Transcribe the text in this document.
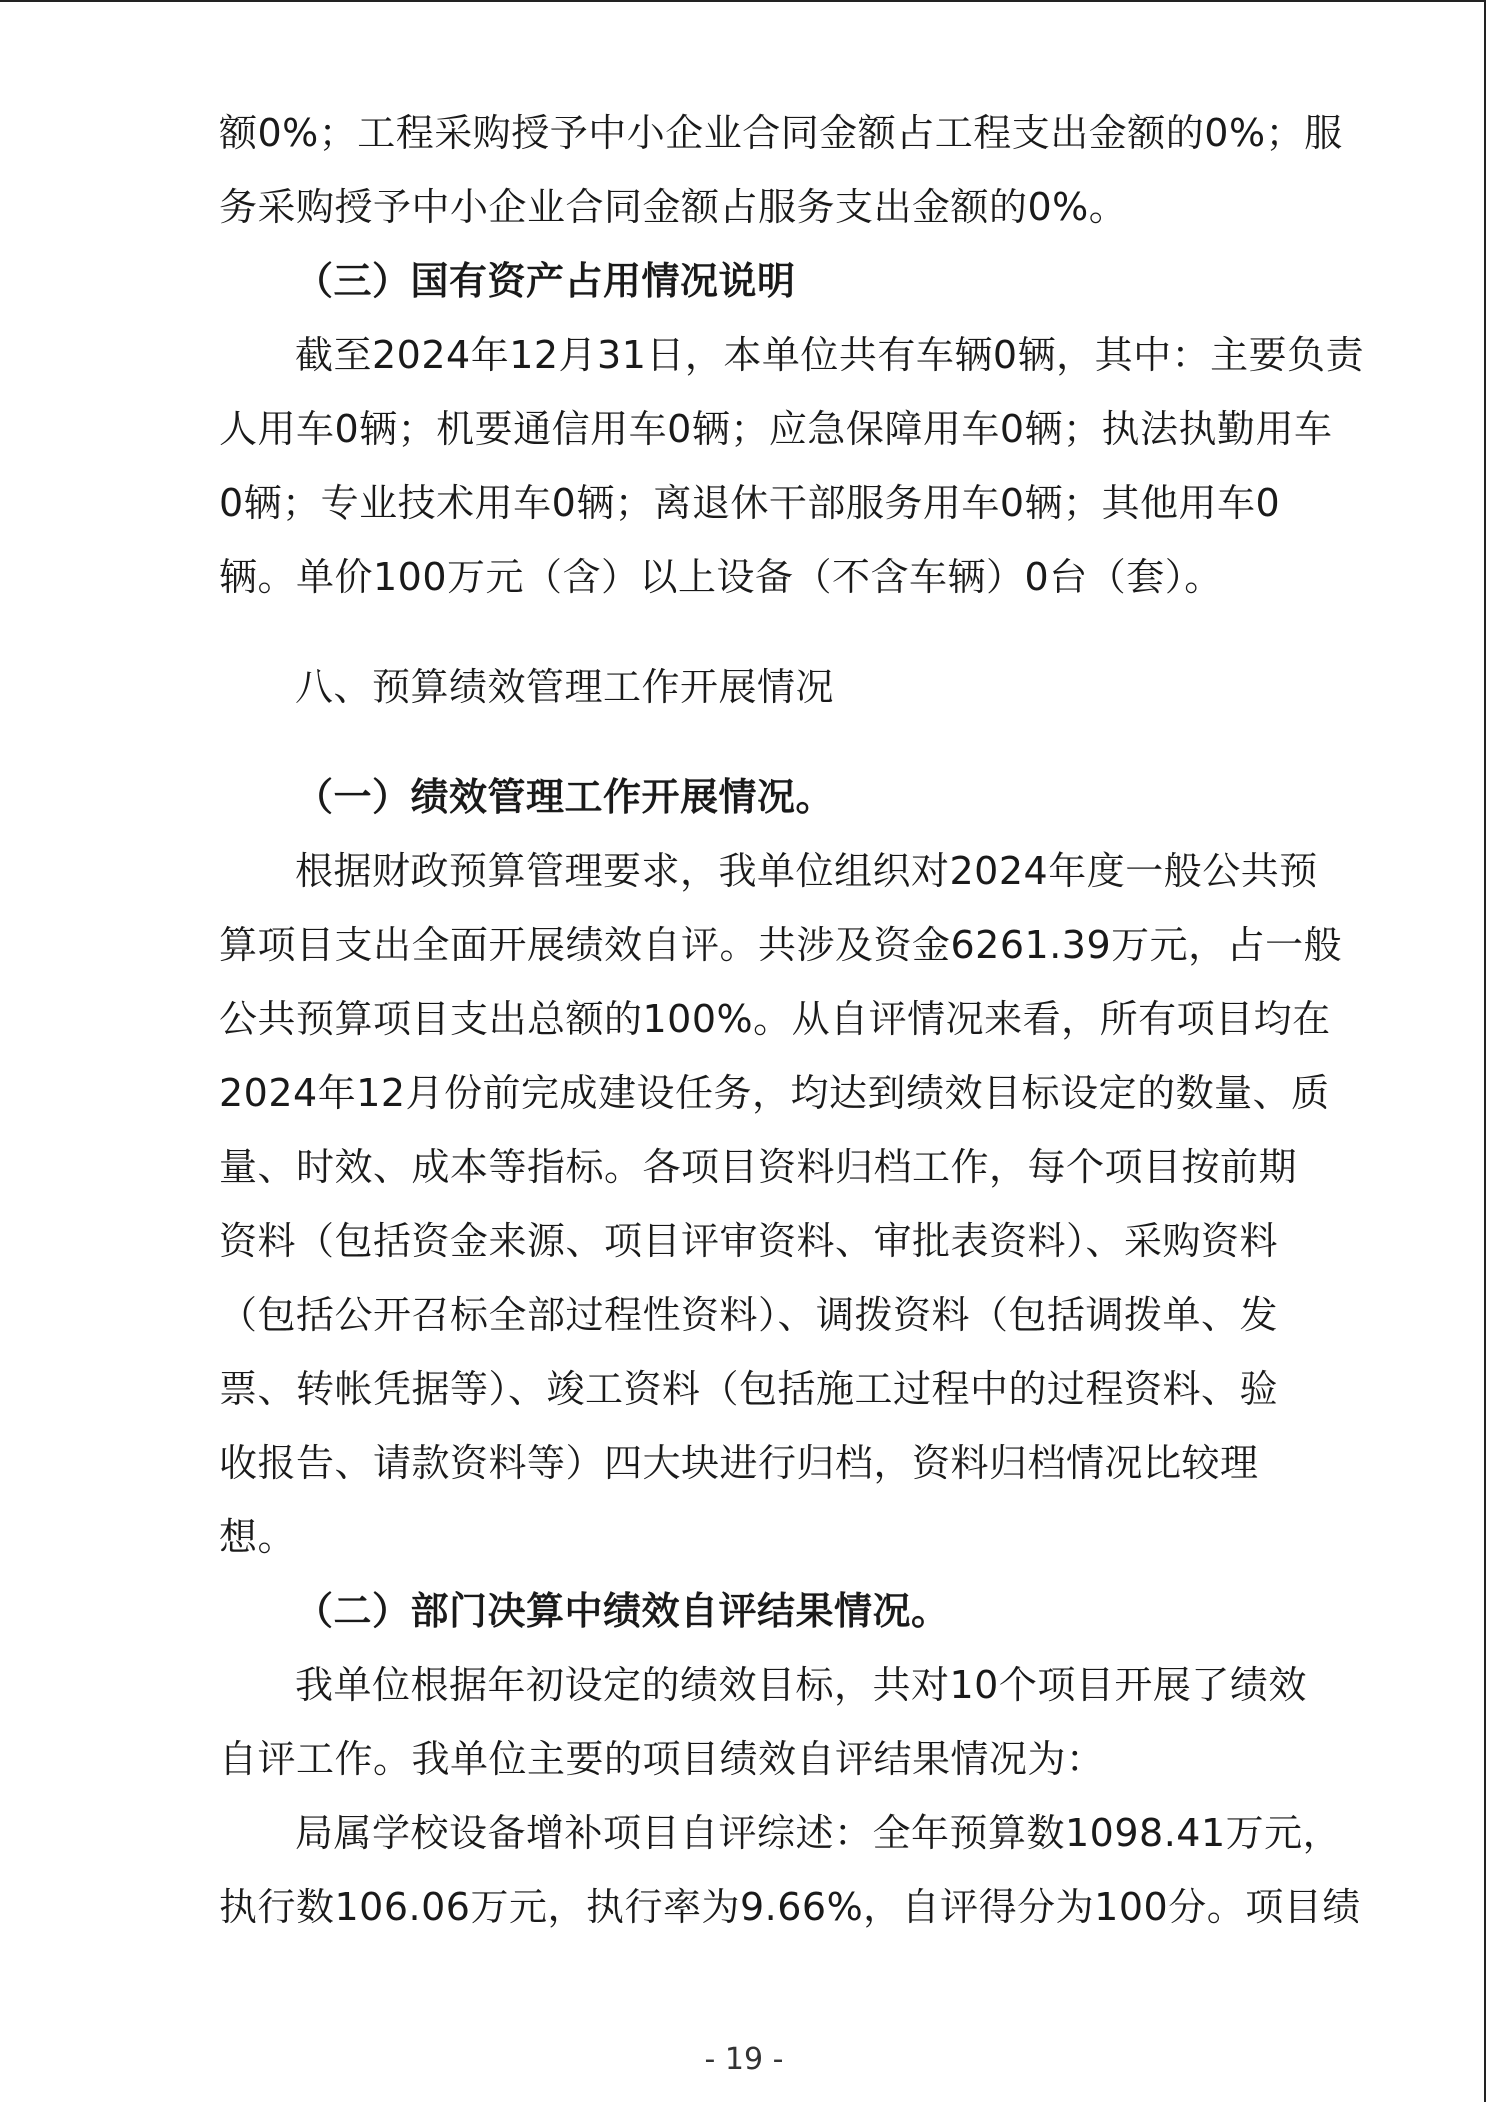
额0%；工程采购授予中小企业合同金额占工程支出金额的0%；服
务采购授予中小企业合同金额占服务支出金额的0%。
（三）国有资产占用情况说明
截至2024年12月31日，本单位共有车辆0辆，其中：主要负责
人用车0辆；机要通信用车0辆；应急保障用车0辆；执法执勤用车
0辆；专业技术用车0辆；离退休干部服务用车0辆；其他用车0
辆。单价100万元（含）以上设备（不含车辆）0台（套）。
八、预算绩效管理工作开展情况
（一）绩效管理工作开展情况。
根据财政预算管理要求，我单位组织对2024年度一般公共预
算项目支出全面开展绩效自评。共涉及资金6261.39万元，占一般
公共预算项目支出总额的100%。从自评情况来看，所有项目均在
2024年12月份前完成建设任务，均达到绩效目标设定的数量、质
量、时效、成本等指标。各项目资料归档工作，每个项目按前期
资料（包括资金来源、项目评审资料、审批表资料）、采购资料
（包括公开召标全部过程性资料）、调拨资料（包括调拨单、发
票、转帐凭据等）、竣工资料（包括施工过程中的过程资料、验
收报告、请款资料等）四大块进行归档，资料归档情况比较理
想。
（二）部门决算中绩效自评结果情况。
我单位根据年初设定的绩效目标，共对10个项目开展了绩效
自评工作。我单位主要的项目绩效自评结果情况为：
局属学校设备增补项目自评综述：全年预算数1098.41万元，
执行数106.06万元，执行率为9.66%，自评得分为100分。项目绩
- 19 -
